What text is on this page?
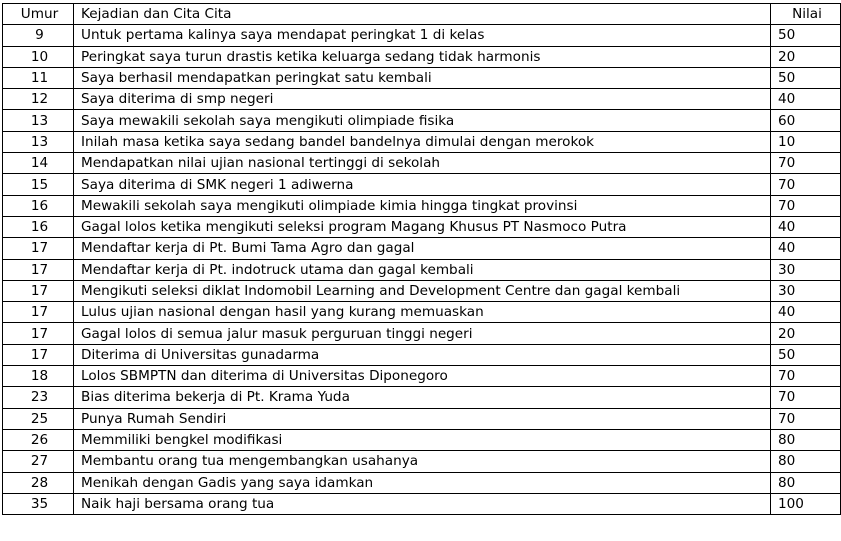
Umur	Kejadian dan Cita Cita	Nilai
9	Untuk pertama kalinya saya mendapat peringkat 1 di kelas	50
10	Peringkat saya turun drastis ketika keluarga sedang tidak harmonis	20
11	Saya berhasil mendapatkan peringkat satu kembali	50
12	Saya diterima di smp negeri	40
13	Saya mewakili sekolah saya mengikuti olimpiade fisika	60
13	Inilah masa ketika saya sedang bandel bandelnya dimulai dengan merokok	10
14	Mendapatkan nilai ujian nasional tertinggi di sekolah	70
15	Saya diterima di SMK negeri 1 adiwerna	70
16	Mewakili sekolah saya mengikuti olimpiade kimia hingga tingkat provinsi	70
16	Gagal lolos ketika mengikuti seleksi program Magang Khusus PT Nasmoco Putra	40
17	Mendaftar kerja di Pt. Bumi Tama Agro dan gagal	40
17	Mendaftar kerja di Pt. indotruck utama dan gagal kembali	30
17	Mengikuti seleksi diklat Indomobil Learning and Development Centre dan gagal kembali	30
17	Lulus ujian nasional dengan hasil yang kurang memuaskan	40
17	Gagal lolos di semua jalur masuk perguruan tinggi negeri	20
17	Diterima di Universitas gunadarma	50
18	Lolos SBMPTN dan diterima di Universitas Diponegoro	70
23	Bias diterima bekerja di Pt. Krama Yuda	70
25	Punya Rumah Sendiri	70
26	Memmiliki bengkel modifikasi	80
27	Membantu orang tua mengembangkan usahanya	80
28	Menikah dengan Gadis yang saya idamkan	80
35	Naik haji bersama orang tua	100
